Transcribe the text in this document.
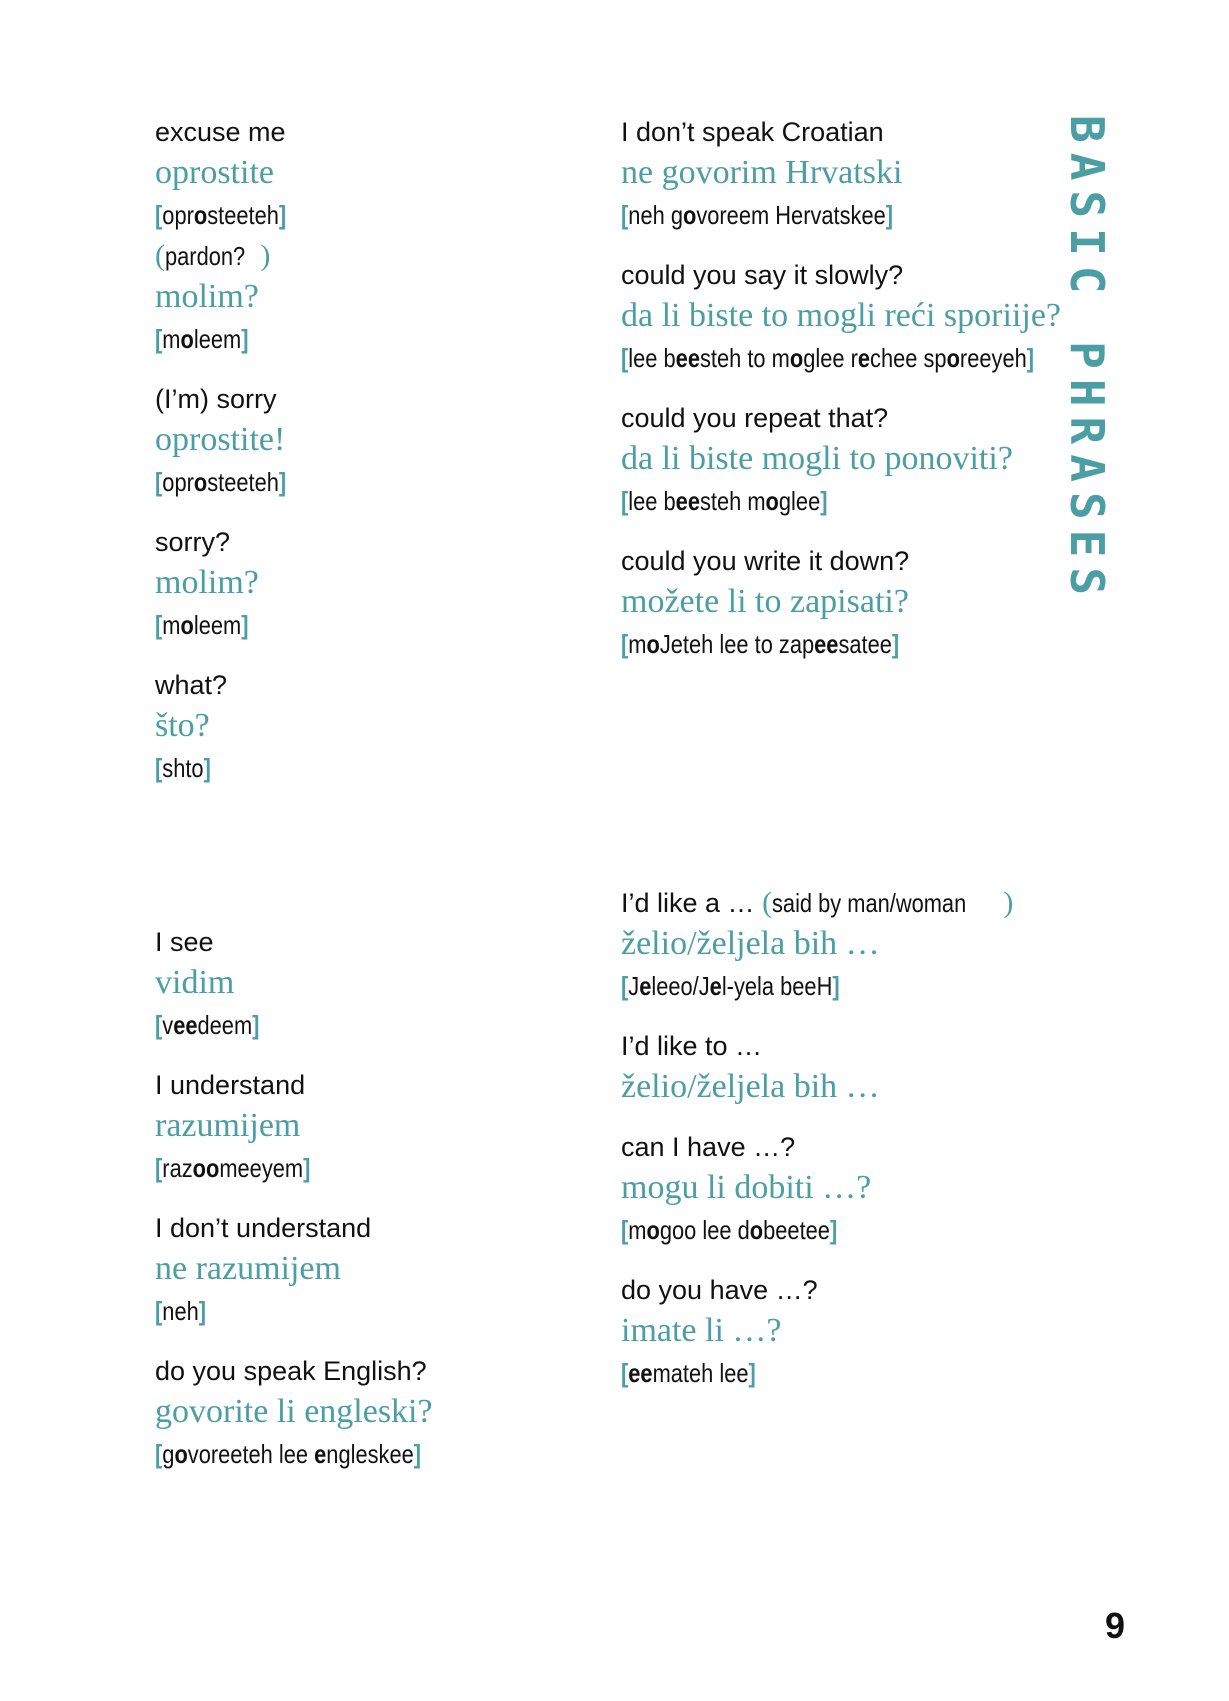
BASIC PHRASES
excuse me
oprostite
[oprosteeteh]
(pardon? )
molim?
[moleem]
(I’m) sorry
oprostite!
[oprosteeteh]
sorry?
molim?
[moleem]
what?
što?
[shto]
I don’t speak Croatian
ne govorim Hrvatski
[neh govoreem Hervatskee]
could you say it slowly?
da li biste to mogli reći sporiije?
[lee beesteh to moglee rechee sporeeyeh]
could you repeat that?
da li biste mogli to ponoviti?
[lee beesteh moglee]
could you write it down?
možete li to zapisati?
[moJeteh lee to zapeesatee]
I see
vidim
[veedeem]
I understand
razumijem
[razoomeeyem]
I don’t understand
ne razumijem
[neh]
do you speak English?
govorite li engleski?
[govoreeteh lee engleskee]
I’d like a … (said by man/woman )
želio/željela bih …
[Jeleeo/Jel-yela beeH]
I’d like to …
želio/željela bih …
can I have …?
mogu li dobiti …?
[mogoo lee dobeetee]
do you have …?
imate li …?
[eemateh lee]
9
